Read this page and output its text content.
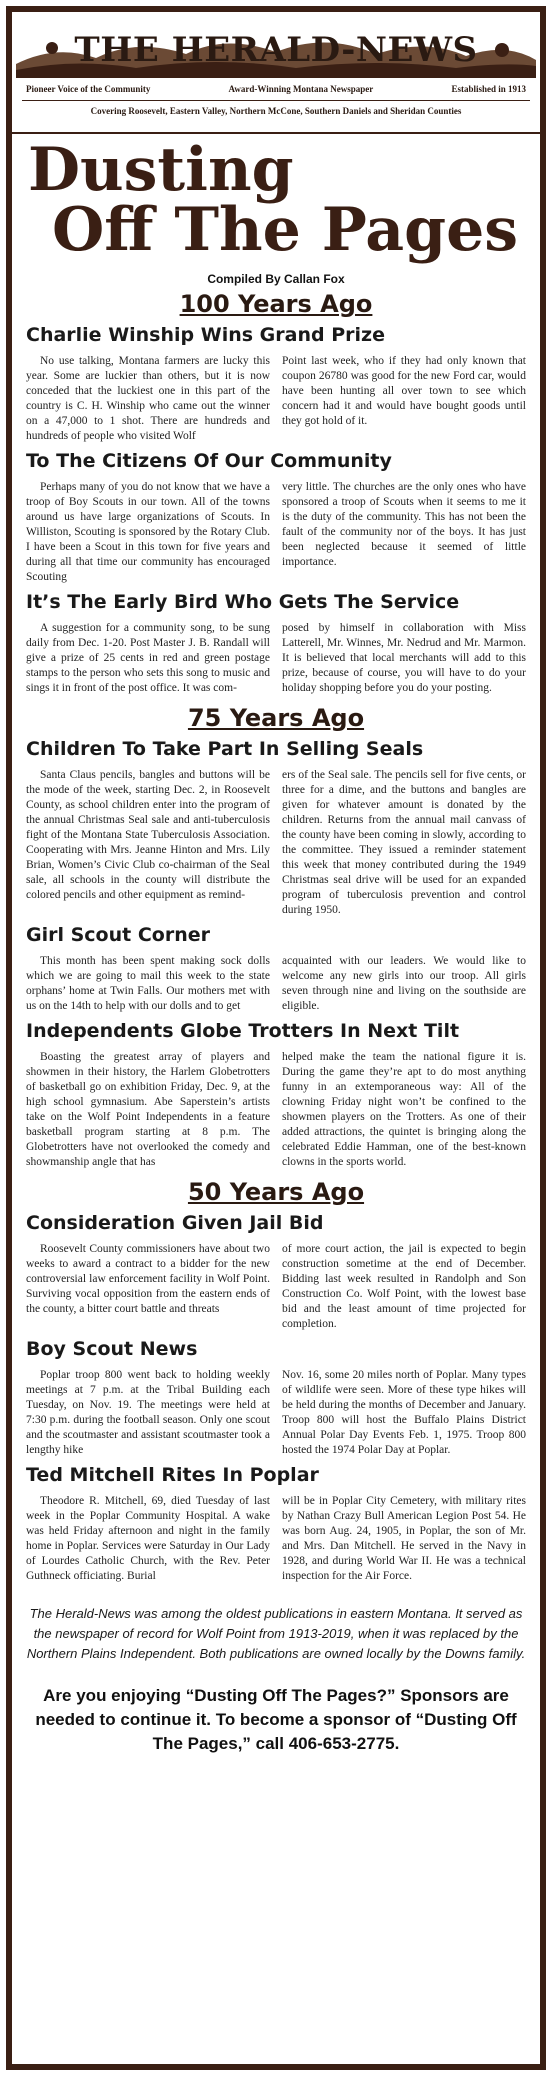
THE HERALD-NEWS
Pioneer Voice of the Community	Award-Winning Montana Newspaper	Established in 1913
Covering Roosevelt, Eastern Valley, Northern McCone, Southern Daniels and Sheridan Counties
Dusting
Off The Pages
Compiled By Callan Fox
100 Years Ago
Charlie Winship Wins Grand Prize

No use talking, Montana farmers are lucky this year. Some are luckier than others, but it is now conceded that the luckiest one in this part of the country is C. H. Winship who came out the winner on a 47,000 to 1 shot. There are hundreds and hundreds of people who visited Wolf

Point last week, who if they had only known that coupon 26780 was good for the new Ford car, would have been hunting all over town to see which concern had it and would have bought goods until they got hold of it.

To The Citizens Of Our Community

Perhaps many of you do not know that we have a troop of Boy Scouts in our town. All of the towns around us have large organizations of Scouts. In Williston, Scouting is sponsored by the Rotary Club. I have been a Scout in this town for five years and during all that time our community has encouraged Scouting

very little. The churches are the only ones who have sponsored a troop of Scouts when it seems to me it is the duty of the community. This has not been the fault of the community nor of the boys. It has just been neglected because it seemed of little importance.

It’s The Early Bird Who Gets The Service

A suggestion for a community song, to be sung daily from Dec. 1-20. Post Master J. B. Randall will give a prize of 25 cents in red and green postage stamps to the person who sets this song to music and sings it in front of the post office. It was com-

posed by himself in collaboration with Miss Latterell, Mr. Winnes, Mr. Nedrud and Mr. Marmon. It is believed that local merchants will add to this prize, because of course, you will have to do your holiday shopping before you do your posting.

75 Years Ago
Children To Take Part In Selling Seals

Santa Claus pencils, bangles and buttons will be the mode of the week, starting Dec. 2, in Roosevelt County, as school children enter into the program of the annual Christmas Seal sale and anti-tuberculosis fight of the Montana State Tuberculosis Association. Cooperating with Mrs. Jeanne Hinton and Mrs. Lily Brian, Women’s Civic Club co-chairman of the Seal sale, all schools in the county will distribute the colored pencils and other equipment as remind-

ers of the Seal sale. The pencils sell for five cents, or three for a dime, and the buttons and bangles are given for whatever amount is donated by the children. Returns from the annual mail canvass of the county have been coming in slowly, according to the committee. They issued a reminder statement this week that money contributed during the 1949 Christmas seal drive will be used for an expanded program of tuberculosis prevention and control during 1950.

Girl Scout Corner

This month has been spent making sock dolls which we are going to mail this week to the state orphans’ home at Twin Falls. Our mothers met with us on the 14th to help with our dolls and to get

acquainted with our leaders. We would like to welcome any new girls into our troop. All girls seven through nine and living on the southside are eligible.

Independents Globe Trotters In Next Tilt

Boasting the greatest array of players and showmen in their history, the Harlem Globetrotters of basketball go on exhibition Friday, Dec. 9, at the high school gymnasium. Abe Saperstein’s artists take on the Wolf Point Independents in a feature basketball program starting at 8 p.m. The Globetrotters have not overlooked the comedy and showmanship angle that has

helped make the team the national figure it is. During the game they’re apt to do most anything funny in an extemporaneous way: All of the clowning Friday night won’t be confined to the showmen players on the Trotters. As one of their added attractions, the quintet is bringing along the celebrated Eddie Hamman, one of the best-known clowns in the sports world.

50 Years Ago
Consideration Given Jail Bid

Roosevelt County commissioners have about two weeks to award a contract to a bidder for the new controversial law enforcement facility in Wolf Point. Surviving vocal opposition from the eastern ends of the county, a bitter court battle and threats

of more court action, the jail is expected to begin construction sometime at the end of December. Bidding last week resulted in Randolph and Son Construction Co. Wolf Point, with the lowest base bid and the least amount of time projected for completion.

Boy Scout News

Poplar troop 800 went back to holding weekly meetings at 7 p.m. at the Tribal Building each Tuesday, on Nov. 19. The meetings were held at 7:30 p.m. during the football season. Only one scout and the scoutmaster and assistant scoutmaster took a lengthy hike

Nov. 16, some 20 miles north of Poplar. Many types of wildlife were seen. More of these type hikes will be held during the months of December and January. Troop 800 will host the Buffalo Plains District Annual Polar Day Events Feb. 1, 1975. Troop 800 hosted the 1974 Polar Day at Poplar.

Ted Mitchell Rites In Poplar

Theodore R. Mitchell, 69, died Tuesday of last week in the Poplar Community Hospital. A wake was held Friday afternoon and night in the family home in Poplar. Services were Saturday in Our Lady of Lourdes Catholic Church, with the Rev. Peter Guthneck officiating. Burial

will be in Poplar City Cemetery, with military rites by Nathan Crazy Bull American Legion Post 54. He was born Aug. 24, 1905, in Poplar, the son of Mr. and Mrs. Dan Mitchell. He served in the Navy in 1928, and during World War II. He was a technical inspection for the Air Force.

The Herald-News was among the oldest publications in eastern Montana. It served as the newspaper of record for Wolf Point from 1913-2019, when it was replaced by the Northern Plains Independent. Both publications are owned locally by the Downs family.
Are you enjoying “Dusting Off The Pages?” Sponsors are needed to continue it. To become a sponsor of “Dusting Off The Pages,” call 406-653-2775.
